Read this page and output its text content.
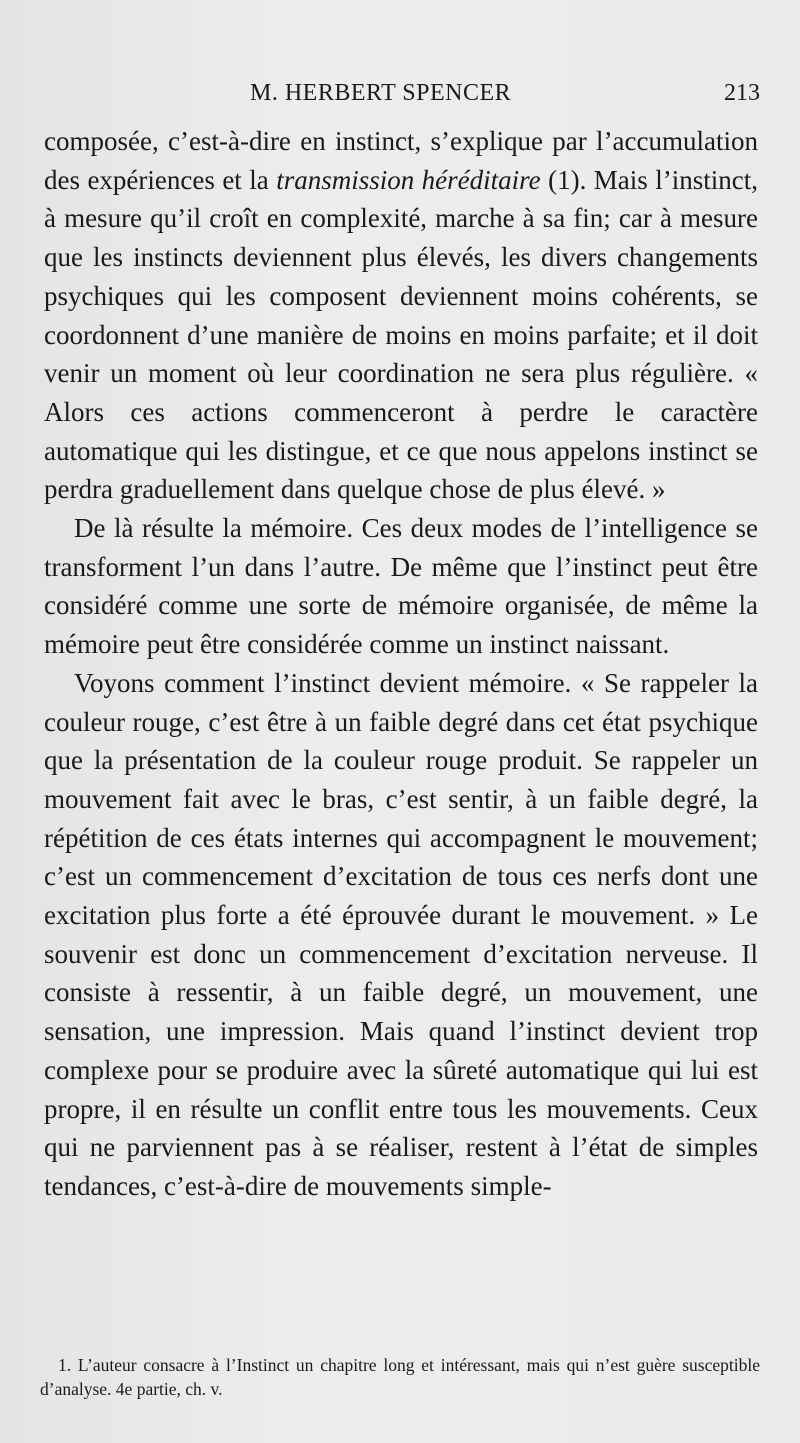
M. HERBERT SPENCER	213

composée, c’est-à-dire en instinct, s’explique par l’accumulation des expériences et la transmission héréditaire (1). Mais l’instinct, à mesure qu’il croît en complexité, marche à sa fin; car à mesure que les instincts deviennent plus élevés, les divers changements psychiques qui les composent deviennent moins cohérents, se coordonnent d’une manière de moins en moins parfaite; et il doit venir un moment où leur coordination ne sera plus régulière. « Alors ces actions commenceront à perdre le caractère automatique qui les distingue, et ce que nous appelons instinct se perdra graduellement dans quelque chose de plus élevé. »

De là résulte la mémoire. Ces deux modes de l’intelligence se transforment l’un dans l’autre. De même que l’instinct peut être considéré comme une sorte de mémoire organisée, de même la mémoire peut être considérée comme un instinct naissant.

Voyons comment l’instinct devient mémoire. « Se rappeler la couleur rouge, c’est être à un faible degré dans cet état psychique que la présentation de la couleur rouge produit. Se rappeler un mouvement fait avec le bras, c’est sentir, à un faible degré, la répétition de ces états internes qui accompagnent le mouvement; c’est un commencement d’excitation de tous ces nerfs dont une excitation plus forte a été éprouvée durant le mouvement. » Le souvenir est donc un commencement d’excitation nerveuse. Il consiste à ressentir, à un faible degré, un mouvement, une sensation, une impression. Mais quand l’instinct devient trop complexe pour se produire avec la sûreté automatique qui lui est propre, il en résulte un conflit entre tous les mouvements. Ceux qui ne parviennent pas à se réaliser, restent à l’état de simples tendances, c’est-à-dire de mouvements simple-

1. L’auteur consacre à l’Instinct un chapitre long et intéressant, mais qui n’est guère susceptible d’analyse. 4e partie, ch. v.
